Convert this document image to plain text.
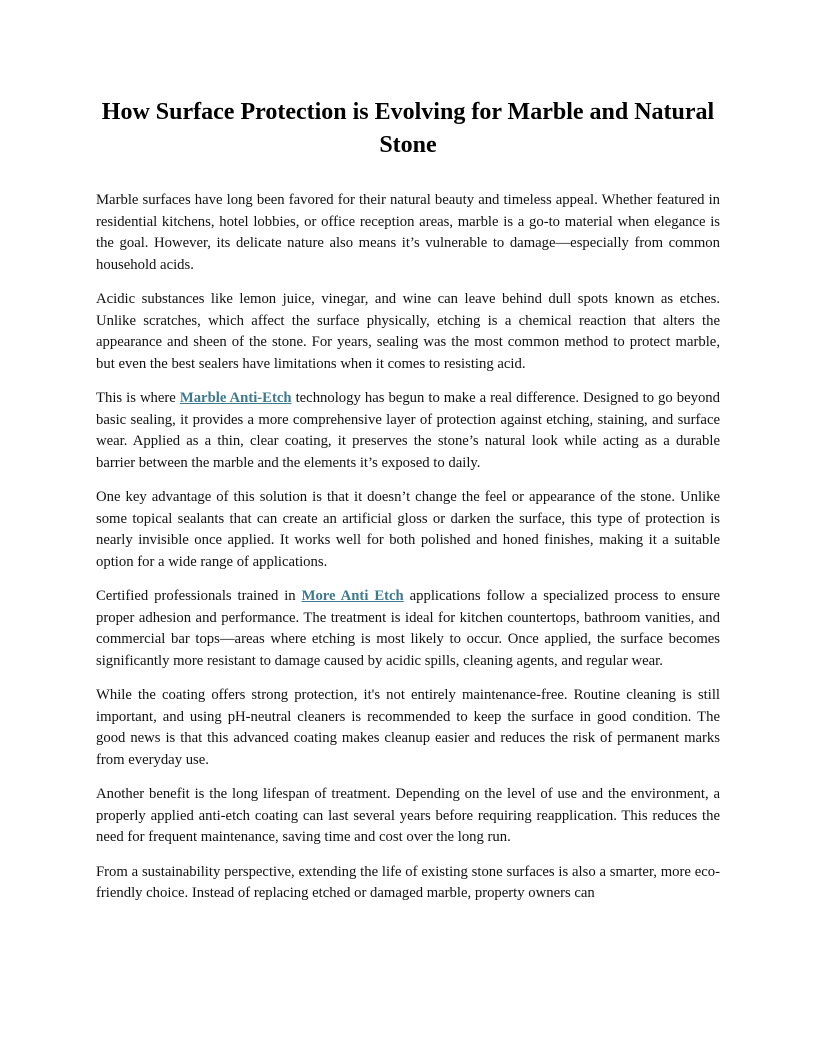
How Surface Protection is Evolving for Marble and Natural Stone

Marble surfaces have long been favored for their natural beauty and timeless appeal. Whether featured in residential kitchens, hotel lobbies, or office reception areas, marble is a go-to material when elegance is the goal. However, its delicate nature also means it’s vulnerable to damage—especially from common household acids.

Acidic substances like lemon juice, vinegar, and wine can leave behind dull spots known as etches. Unlike scratches, which affect the surface physically, etching is a chemical reaction that alters the appearance and sheen of the stone. For years, sealing was the most common method to protect marble, but even the best sealers have limitations when it comes to resisting acid.

This is where Marble Anti-Etch technology has begun to make a real difference. Designed to go beyond basic sealing, it provides a more comprehensive layer of protection against etching, staining, and surface wear. Applied as a thin, clear coating, it preserves the stone’s natural look while acting as a durable barrier between the marble and the elements it’s exposed to daily.

One key advantage of this solution is that it doesn’t change the feel or appearance of the stone. Unlike some topical sealants that can create an artificial gloss or darken the surface, this type of protection is nearly invisible once applied. It works well for both polished and honed finishes, making it a suitable option for a wide range of applications.

Certified professionals trained in More Anti Etch applications follow a specialized process to ensure proper adhesion and performance. The treatment is ideal for kitchen countertops, bathroom vanities, and commercial bar tops—areas where etching is most likely to occur. Once applied, the surface becomes significantly more resistant to damage caused by acidic spills, cleaning agents, and regular wear.

While the coating offers strong protection, it's not entirely maintenance-free. Routine cleaning is still important, and using pH-neutral cleaners is recommended to keep the surface in good condition. The good news is that this advanced coating makes cleanup easier and reduces the risk of permanent marks from everyday use.

Another benefit is the long lifespan of treatment. Depending on the level of use and the environment, a properly applied anti-etch coating can last several years before requiring reapplication. This reduces the need for frequent maintenance, saving time and cost over the long run.

From a sustainability perspective, extending the life of existing stone surfaces is also a smarter, more eco-friendly choice. Instead of replacing etched or damaged marble, property owners can
